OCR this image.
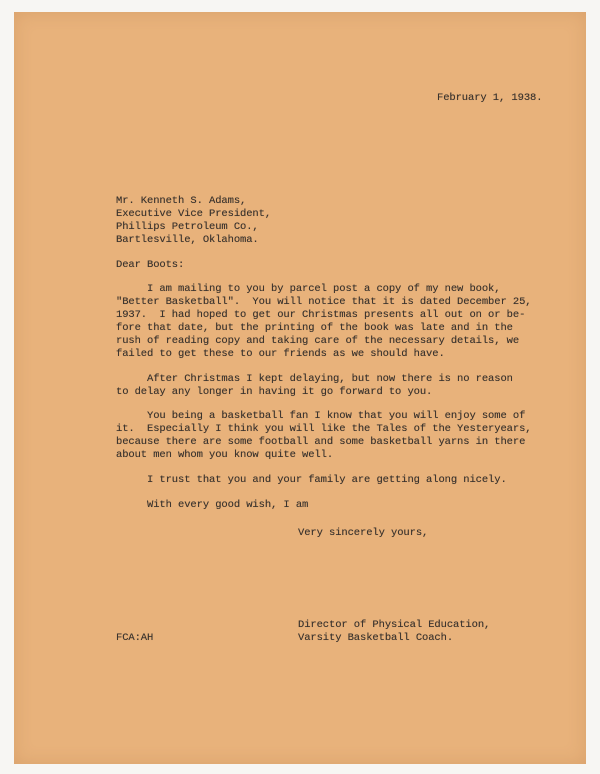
February 1, 1938.
Mr. Kenneth S. Adams,
Executive Vice President,
Phillips Petroleum Co.,
Bartlesville, Oklahoma.
Dear Boots:
I am mailing to you by parcel post a copy of my new book,
"Better Basketball".  You will notice that it is dated December 25,
1937.  I had hoped to get our Christmas presents all out on or be-
fore that date, but the printing of the book was late and in the
rush of reading copy and taking care of the necessary details, we
failed to get these to our friends as we should have.
After Christmas I kept delaying, but now there is no reason
to delay any longer in having it go forward to you.
You being a basketball fan I know that you will enjoy some of
it.  Especially I think you will like the Tales of the Yesteryears,
because there are some football and some basketball yarns in there
about men whom you know quite well.
I trust that you and your family are getting along nicely.
With every good wish, I am
Very sincerely yours,
Director of Physical Education,
Varsity Basketball Coach.
FCA:AH
